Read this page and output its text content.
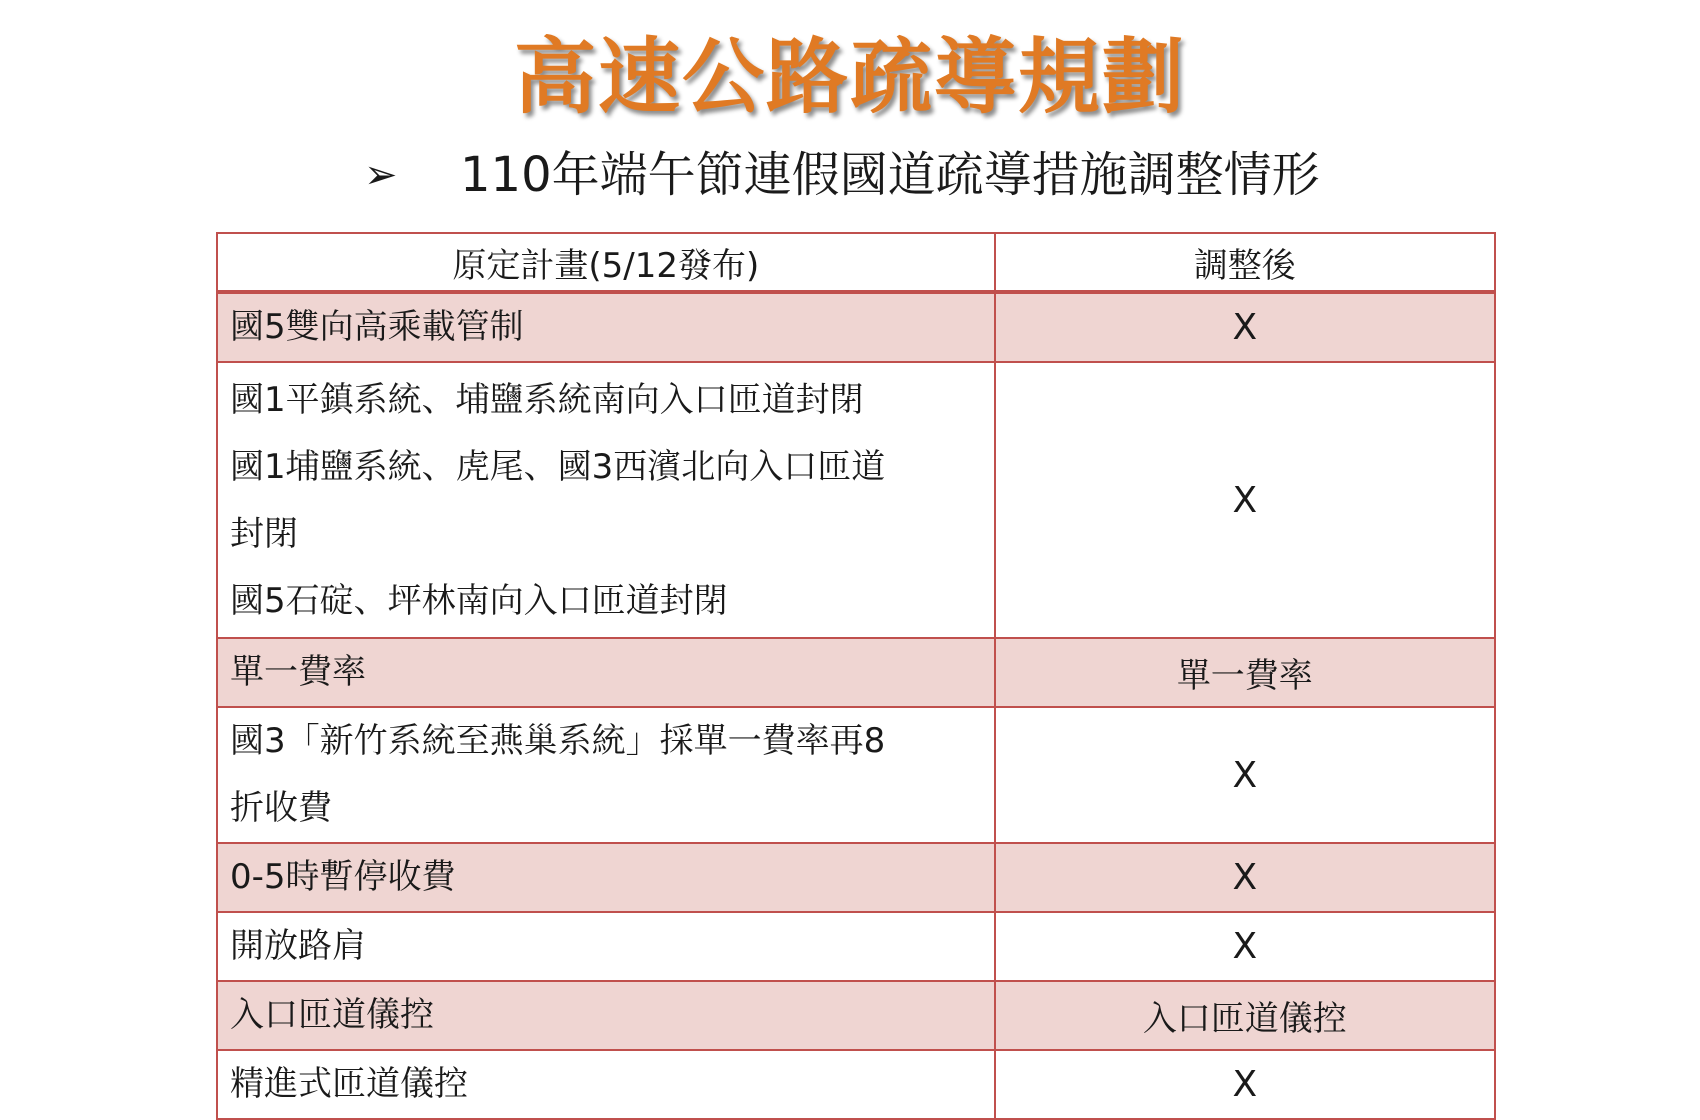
高速公路疏導規劃
➢	110年端午節連假國道疏導措施調整情形
原定計畫(5/12發布)	調整後

國5雙向高乘載管制	X

國1平鎮系統、埔鹽系統南向入口匝道封閉
國1埔鹽系統、虎尾、國3西濱北向入口匝道
封閉
國5石碇、坪林南向入口匝道封閉	X

單一費率	單一費率

國3「新竹系統至燕巢系統」採單一費率再8
折收費	X

0-5時暫停收費	X

開放路肩	X

入口匝道儀控	入口匝道儀控

精進式匝道儀控	X
